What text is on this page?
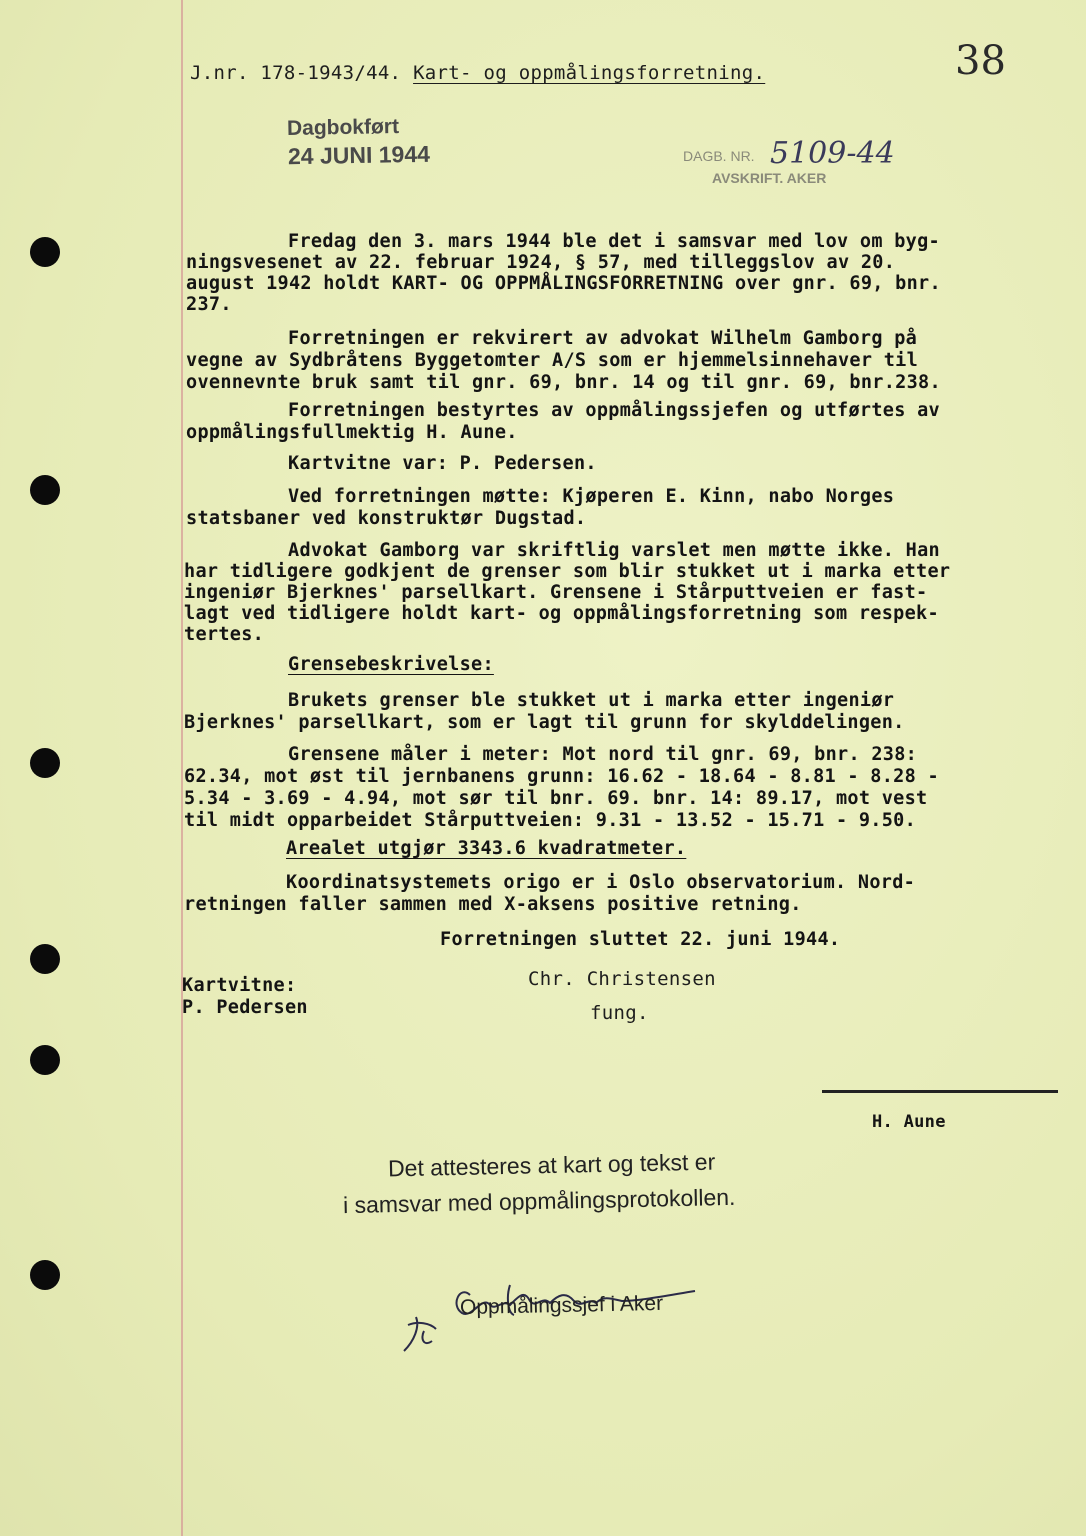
J.nr. 178-1943/44. Kart- og oppmålingsforretning.	38
Dagbokført
24 JUNI 1944	DAGB. NR. 5109-44
AVSKRIFT. AKER
Fredag den 3. mars 1944 ble det i samsvar med lov om byg-
ningsvesenet av 22. februar 1924, § 57, med tilleggslov av 20.
august 1942 holdt KART- OG OPPMÅLINGSFORRETNING over gnr. 69, bnr.
237.
Forretningen er rekvirert av advokat Wilhelm Gamborg på
vegne av Sydbråtens Byggetomter A/S som er hjemmelsinnehaver til
ovennevnte bruk samt til gnr. 69, bnr. 14 og til gnr. 69, bnr.238.
Forretningen bestyrtes av oppmålingssjefen og utførtes av
oppmålingsfullmektig H. Aune.
Kartvitne var: P. Pedersen.
Ved forretningen møtte: Kjøperen E. Kinn, nabo Norges
statsbaner ved konstruktør Dugstad.
Advokat Gamborg var skriftlig varslet men møtte ikke. Han
har tidligere godkjent de grenser som blir stukket ut i marka etter
ingeniør Bjerknes' parsellkart. Grensene i Stårputtveien er fast-
lagt ved tidligere holdt kart- og oppmålingsforretning som respek-
tertes.
Grensebeskrivelse:
Brukets grenser ble stukket ut i marka etter ingeniør
Bjerknes' parsellkart, som er lagt til grunn for skylddelingen.
Grensene måler i meter: Mot nord til gnr. 69, bnr. 238:
62.34, mot øst til jernbanens grunn: 16.62 - 18.64 - 8.81 - 8.28 -
5.34 - 3.69 - 4.94, mot sør til bnr. 69. bnr. 14: 89.17, mot vest
til midt opparbeidet Stårputtveien: 9.31 - 13.52 - 15.71 - 9.50.
Arealet utgjør 3343.6 kvadratmeter.
Koordinatsystemets origo er i Oslo observatorium. Nord-
retningen faller sammen med X-aksens positive retning.
Forretningen sluttet 22. juni 1944.
Kartvitne:
P. Pedersen
Chr. Christensen
fung.
H. Aune
Det attesteres at kart og tekst er
i samsvar med oppmålingsprotokollen.
Oppmålingssjef i Aker
